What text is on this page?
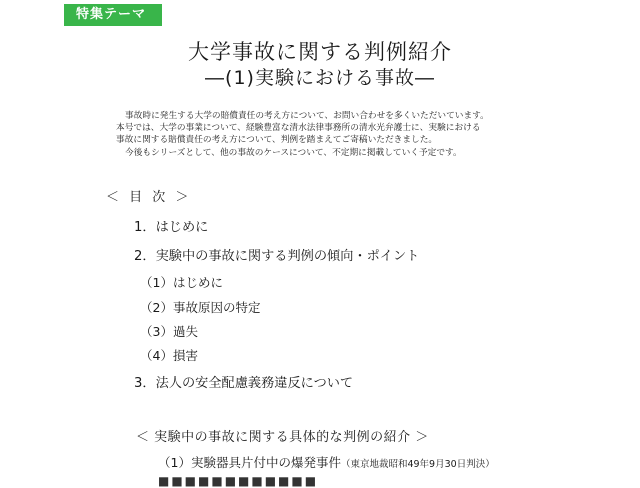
特集テーマ
大学事故に関する判例紹介
―(1)実験における事故―
事故時に発生する大学の賠償責任の考え方について、お問い合わせを多くいただいています。
本号では、大学の事業について、経験豊富な清水法律事務所の清水光弁護士に、実験における
事故に関する賠償責任の考え方について、判例を踏まえてご寄稿いただきました。
今後もシリーズとして、他の事故のケースについて、不定期に掲載していく予定です。
＜ 目 次 ＞
1．はじめに
2．実験中の事故に関する判例の傾向・ポイント
（1）はじめに
（2）事故原因の特定
（3）過失
（4）損害
3．法人の安全配慮義務違反について
＜ 実験中の事故に関する具体的な判例の紹介 ＞
（1）実験器具片付中の爆発事件（東京地裁昭和49年9月30日判決）
■■■■■■■■■■■■
